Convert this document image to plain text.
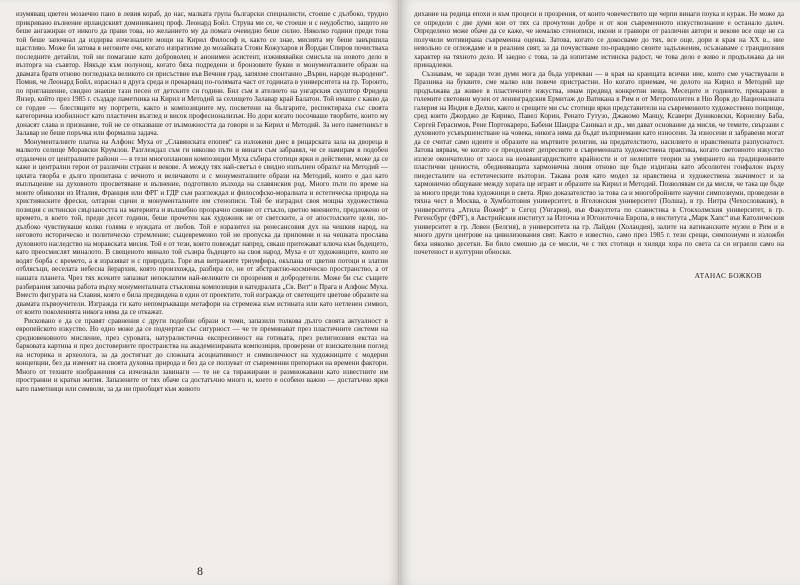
изумяващ цветен мозаечно пано в левия кораб, до нас, малката група български специалисти, стоеше с дълбоко, трудно прикривано вълнение ирландският доминиканец проф. Леонард Бойл. Струва ми се, че стоеше и с неудобство, защото не беше ангажиран от никого да прави това, но желанието му да помага очевидно беше силно. Няколко години преди това той беше започнал да издирва изчезналите мощи на Кирил Философ и, както се знае, мисията му беше завършила щастливо. Може би затова в неговите очи, когато изпратихме до мозайката Стоян Кожухаров и Йордан Спиров почистваха последните детайли, той ни помагаше като доброволец и анонимен асистент, изживявайки смисъла на новото дело в възторга на съавтор. Някъде към полунощ, когато бяха подредени и бронзовите букви и монументалните образи на двамата братя отново погледнаха великото си присъствие във Вечния град, запяхме спонтанно „Върви, народе възродени“. Помня, че Леонард Бойл, израснал в друга среда и прекарващ по-голямата част от годината в университета на гр. Торонто, по приглашение, свидно знаеше тази песен от детските си години. Бил съм в ателието на унгарския скулптор Фридеш Янзер, който през 1985 г. създаде паметника на Кирил и Методий за селището Залавар край Балатон. Той имаше с какво да се гордее — блестящите му портрети, както и композициите му, посветени на българите, респектираха със своята категорична изобилност като пластичен възглед и висок професионализъм. Но дори когато посочваше творбите, които му донасят слава и признание, той не се отказваше от възможността да говори и за Кирил и Методий. За него паметникът в Залавар не беше поръчка или формална задача.

Монументалните платна на Алфонс Муха от „Славянската епопея“ са изложени днес в рицарската зала на двореца в малкото селище Моравски Крумлов. Разглеждал съм ги няколко пъти и винаги съм забравял, че се намирам в подобен отдалечен от централните райони — в тези многопланови композиции Муха събира стотици ярки и действени, може да се каже и централни герои от различни страни и векове. А между тях най-светъл е свидно изпълнен образът на Методий — цялата творба е дълго пропитана с вечното и величавото и с монументалните образи на Методий, които е дал като въплъщение на духовното просветяване и вълнение, подготвило възхода на славянския род. Много пъти по време на моите обиколки из Италия, Франция или ФРГ и ГДР съм разглеждал и философско-моралната и естетическа природа на християнските фрески, олтарни сцени и монументалните им стенописи. Той бе изградил своя мощна художествена позиция с истински свързаността на материята и вълшебно прозрачно сияние от стъкло, цветно мнението, предложено от времето, в което той, преди десет години, беше прочетен как художник не от светските, а от апостолските цели, по-дълбоко чувствуваше колко голяма е нуждата от любов. Той е изразител на ренесансовия дух на чешкия народ, на неговото историческо и политическо стремление; същевременно той не пропуска да припомни и на чешката прослава духовното наследство на моравската мисия. Той е от тези, които повеждат напред, сякаш притежават ключа към бъдещето, като преосмислят миналото. В свещеното минало той съзира бъдещето на своя народ. Муха е от художниците, които не водят борба с времето, а я изразяват и с природата. Горе във витражите триумфира, окъпана от цветни потоци и златни отблясъци, веселата небесна йерархия, която произхожда, разбира се, не от абстрактно-космическо пространство, а от нашата планета. Чрез тях всеките запазват непоклатим най-великите си прозрения и добродетели. Може би със същите разбирания започва работа върху монументалната стъкловна композиция в катедралата „Св. Вит“ в Прага и Алфонс Муха. Вместо фигурата на Славия, която е била предвидена в един от проектите, той изгражда от светещите цветове образите на двамата първоучители. Изгражда ги като непомръкващи метафори на стремежа към истината или като нетленен символ, от които поколенията никога няма да се откажат.

Рисковано е да се правят сравнения с други подобни образи и теми, запазили толкова дълго своята актуалност в европейското изкуство. Но едно може да се подчертае със сигурност — че те преминават през пластичните системи на средновековното мисление, през суровата, натуралистична експресивност на готиката, през религиозния екстаз на барковата картина и през достоверните пространства на академизираната композиция, проверени от взискателния поглед на историка и археолога, за да достигнат до сложната асоциативност и символичност на художниците с модерни концепции, без да изменят на своята духовна природа и без да се ползуват от съвременни препоръки на времени фактори. Много от техните изображения са изчезнали завинаги — те не са тиражирани и размножавани като известните им пространни и кратки жития. Запазените от тях обаче са достатъчно много и, което е особено важно — достатъчно ярки като паметници или символи, за да ни приобщят към живото

8

дихание на редица епохи и към процеси и прозрения, от които човечеството ще черпи винаги поука и кураж. Не може да се определи с две думи кои от тях са прочутени добре и от кои съвременното изкуствознание е останало далеч. Определено може обаче да се каже, че немалко стенописи, икони и гравюри от различни автори и векове все още не са получили мотивирана съвременна оценка. Затова, когато се докосваме до тях, все още, дори в края на XX в., ние невольно се оглеждаме и в реалния свят, за да почувстваме по-правдиво своите задължения, осъзнаваме с грандиозния характер на тяхното дело. И заедно с това, за да изпитаме истинска радост, че това дело е живо и продължава да ни принадлежи.

Съзнавам, че заради тези думи мога да бъда упрекван — в края на краищата всички ние, които сме участвували в Празника на буквите, сме малко или повече пристрастни. Но когато приемам, че делото на Кирил и Методий ще продължава да живее в пластичните изкуства, имам предвид конкретни неща. Месеците и годините, прекарани в големите световни музеи от ленинградския Ермитаж до Ватикана в Рим и от Метрополитен в Ню Йорк до Националната галерия на Индия в Делхи, както и срещите ми със стотици ярки представители на съвременното художествено поприще, сред които Джорджо де Кирико, Павел Корин, Ренато Гутузо, Джакомо Манцу, Ксавери Дуниковски, Корнелиу Баба, Сергей Герасимов, Рене Портокареро, Бабени Шандра Саникал и др., ми дават основание да мисля, че темите, свързани с духовното усъвършенстване на човека, никога няма да бъдат възприемани като износени. За износени и забравени могат да се считат само идеите и образите на мъртвите религии, на предателството, насилието и нравствената разпуснатост. Затова вярвам, че когато се преодолеят депресиите в съвременната художествена практика, когато световното изкуство излезе окончателно от хаоса на неоавангардистките крайности и от нелепите теории за умирането на традиционните пластични ценности, обединяващата хармонична линия отново ще бъде издигана като абсолютен гонфалон върху пиедесталите на естетическите възторзи. Такава роля като модел за нравствена и художествена значимост и за хармонично общуване между хората ще играят и образите на Кирил и Методий. Позволявам си да мисля, че така ще бъде за много преди това художници в света. Ярко доказателство за това са и многобройните научни симпозиуми, проведени в тяхна чест в Москва, в Хумболтовия университет, в Ягелонския университет (Полша), в гр. Нитра (Чехословакия), в университета „Атила Йожеф“ в Сегед (Унгария), във Факултета по славистика в Стокхолмския университет, в гр. Регенсбург (ФРГ), в Австрийския институт за Източна и Югоизточна Европа, в института „Марк Хапс“ във Католическия университет в гр. Ловен (Белгия), в университета на гр. Лайден (Холандия), залите на ватиканските музеи в Рим и в много други центрове на цивилизования свят. Както е известно, само през 1985 г. тези срещи, симпозиуми и изложби бяха няколко десетки. Би било смешно да се мисли, че с тях стотици и хиляди хора по света са си играели само на почетеност и културни обноски.

АТАНАС БОЖКОВ
